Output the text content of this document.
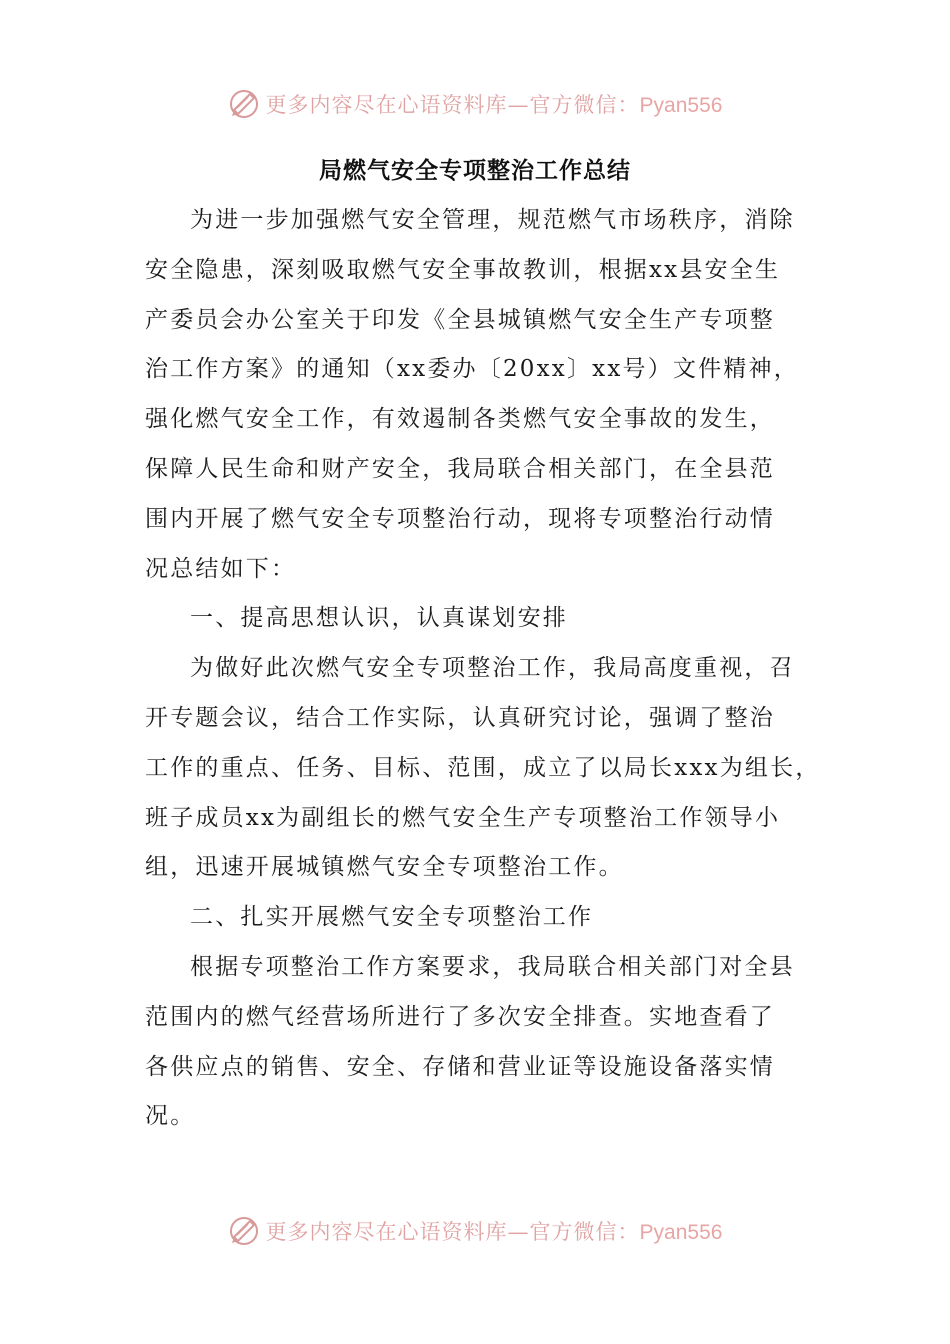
更多内容尽在心语资料库—官方微信：Pyan556
局燃气安全专项整治工作总结
为进一步加强燃气安全管理，规范燃气市场秩序，消除
安全隐患，深刻吸取燃气安全事故教训，根据xx县安全生
产委员会办公室关于印发《全县城镇燃气安全生产专项整
治工作方案》的通知（xx委办〔20xx〕xx号）文件精神，
强化燃气安全工作，有效遏制各类燃气安全事故的发生，
保障人民生命和财产安全，我局联合相关部门，在全县范
围内开展了燃气安全专项整治行动，现将专项整治行动情
况总结如下：
一、提高思想认识，认真谋划安排
为做好此次燃气安全专项整治工作，我局高度重视，召
开专题会议，结合工作实际，认真研究讨论，强调了整治
工作的重点、任务、目标、范围，成立了以局长xxx为组长，
班子成员xx为副组长的燃气安全生产专项整治工作领导小
组，迅速开展城镇燃气安全专项整治工作。
二、扎实开展燃气安全专项整治工作
根据专项整治工作方案要求，我局联合相关部门对全县
范围内的燃气经营场所进行了多次安全排查。实地查看了
各供应点的销售、安全、存储和营业证等设施设备落实情
况。
更多内容尽在心语资料库—官方微信：Pyan556
